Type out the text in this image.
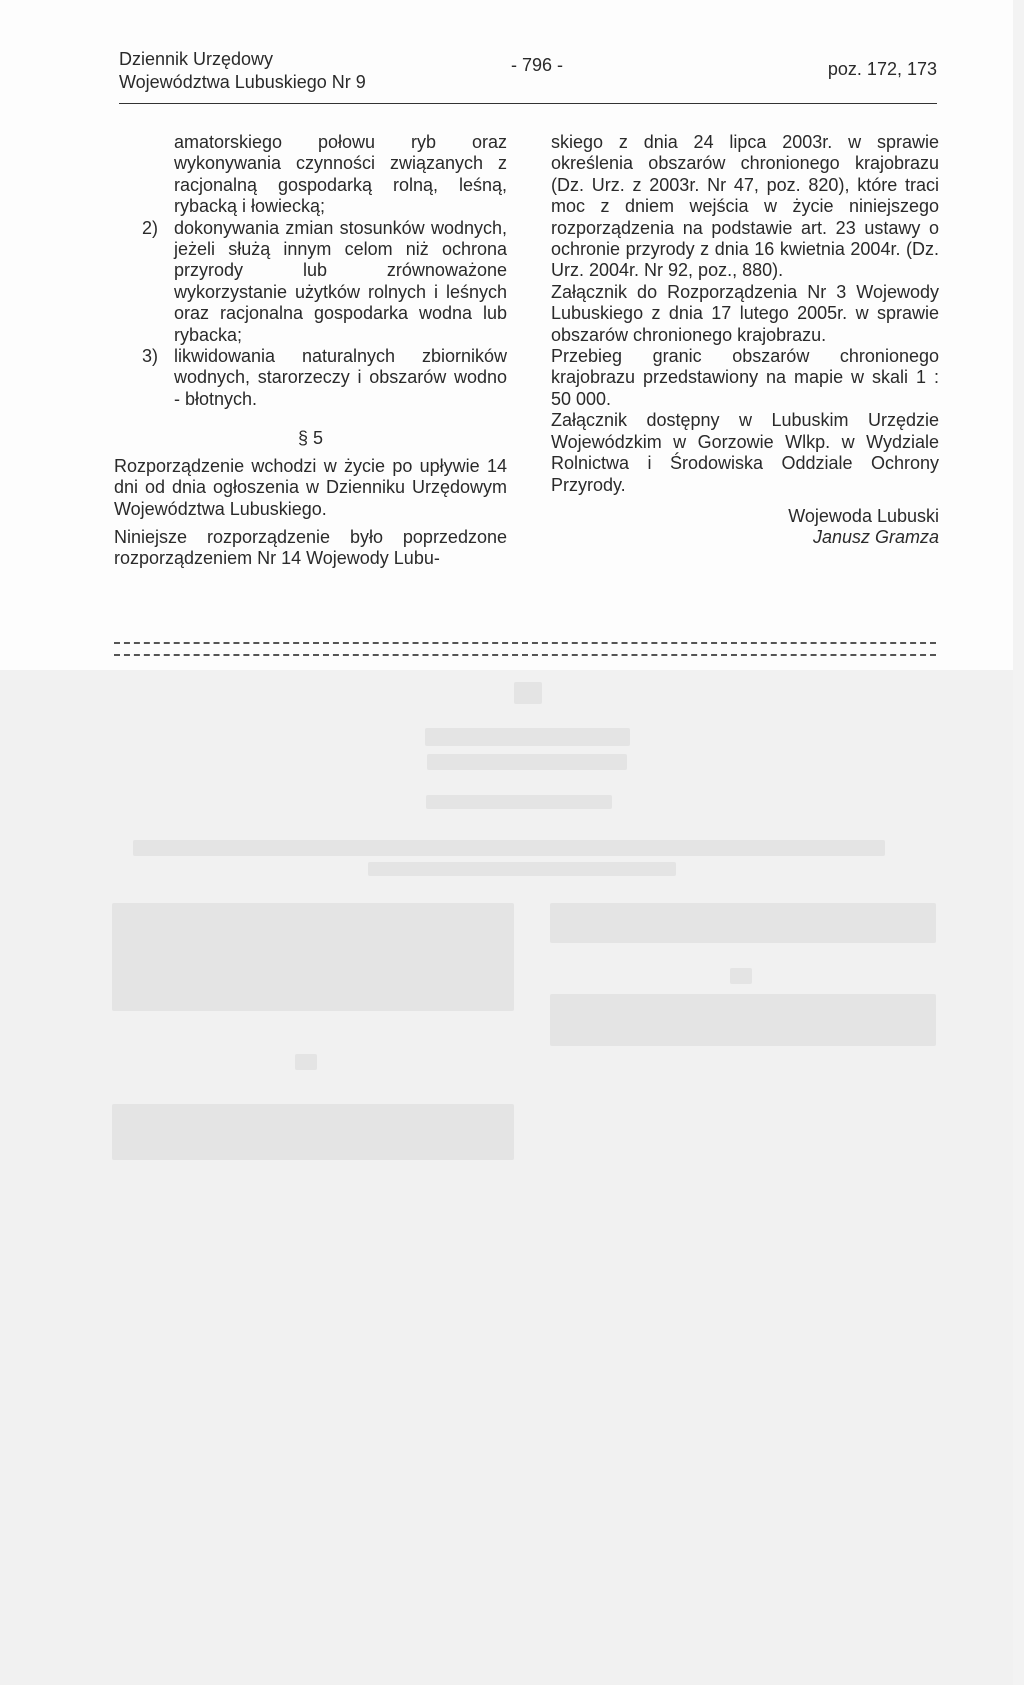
Dziennik Urzędowy
Województwa Lubuskiego Nr 9
- 796 -	poz. 172, 173

amatorskiego połowu ryb oraz wykonywania czynności związanych z racjonalną gospodarką rolną, leśną, rybacką i łowiecką;

2) dokonywania zmian stosunków wodnych, jeżeli służą innym celom niż ochrona przyrody lub zrównoważone wykorzystanie użytków rolnych i leśnych oraz racjonalna gospodarka wodna lub rybacka;

3) likwidowania naturalnych zbiorników wodnych, starorzeczy i obszarów wodno - błotnych.

§ 5

Rozporządzenie wchodzi w życie po upływie 14 dni od dnia ogłoszenia w Dzienniku Urzędowym Województwa Lubuskiego.

Niniejsze rozporządzenie było poprzedzone rozporządzeniem Nr 14 Wojewody Lubu-

skiego z dnia 24 lipca 2003r. w sprawie określenia obszarów chronionego krajobrazu (Dz. Urz. z 2003r. Nr 47, poz. 820), które traci moc z dniem wejścia w życie niniejszego rozporządzenia na podstawie art. 23 ustawy o ochronie przyrody z dnia 16 kwietnia 2004r. (Dz. Urz. 2004r. Nr 92, poz., 880).

Załącznik do Rozporządzenia Nr 3 Wojewody Lubuskiego z dnia 17 lutego 2005r. w sprawie obszarów chronionego krajobrazu.

Przebieg granic obszarów chronionego krajobrazu przedstawiony na mapie w skali 1 : 50 000.

Załącznik dostępny w Lubuskim Urzędzie Wojewódzkim w Gorzowie Wlkp. w Wydziale Rolnictwa i Środowiska Oddziale Ochrony Przyrody.

Wojewoda Lubuski

Janusz Gramza
